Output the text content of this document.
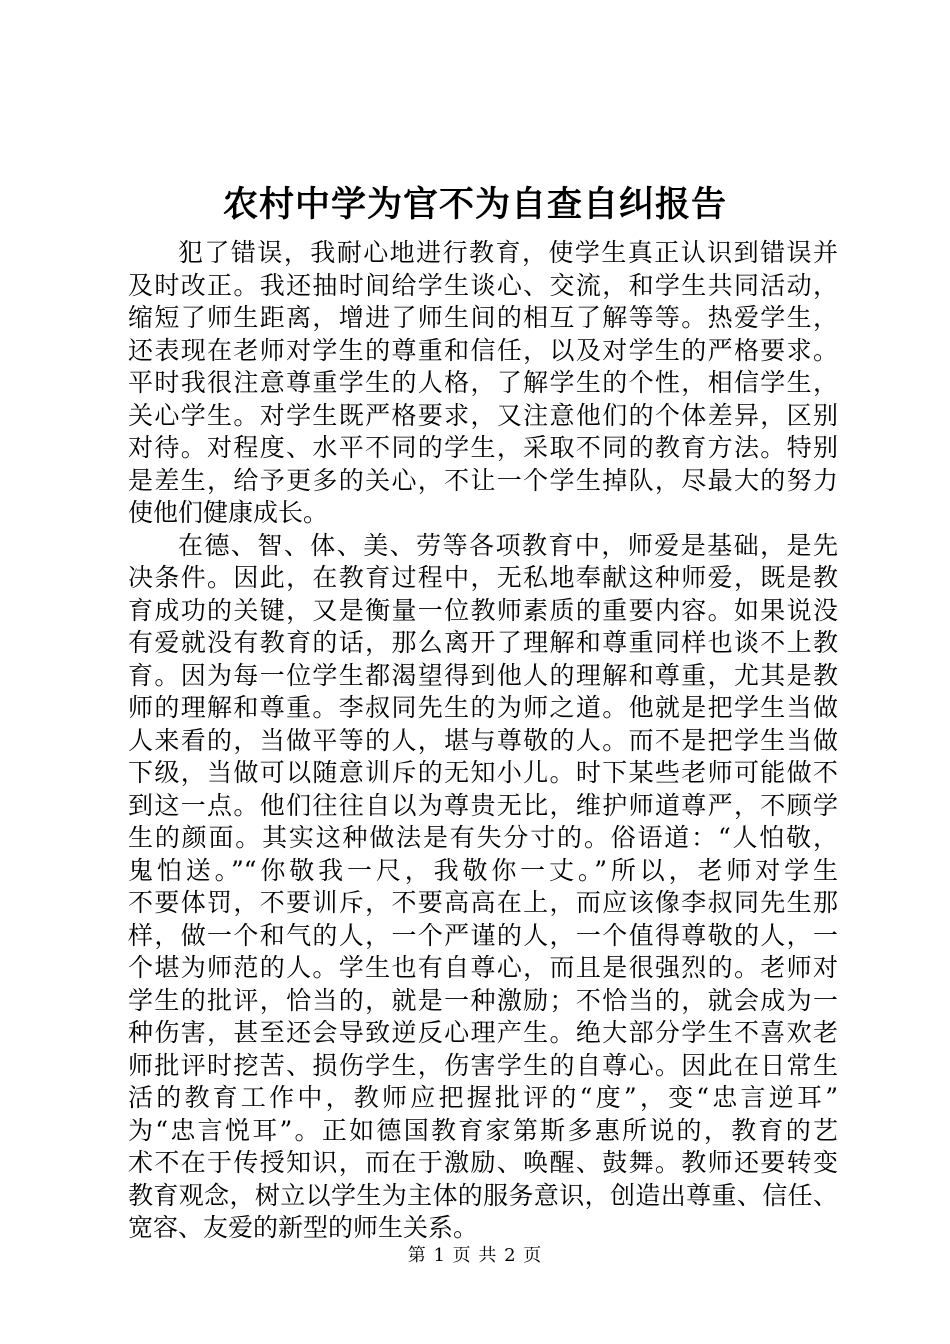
农村中学为官不为自查自纠报告
犯了错误，我耐心地进行教育，使学生真正认识到错误并
及时改正。我还抽时间给学生谈心、交流，和学生共同活动，
缩短了师生距离，增进了师生间的相互了解等等。热爱学生，
还表现在老师对学生的尊重和信任，以及对学生的严格要求。
平时我很注意尊重学生的人格，了解学生的个性，相信学生，
关心学生。对学生既严格要求，又注意他们的个体差异，区别
对待。对程度、水平不同的学生，采取不同的教育方法。特别
是差生，给予更多的关心，不让一个学生掉队，尽最大的努力
使他们健康成长。
在德、智、体、美、劳等各项教育中，师爱是基础，是先
决条件。因此，在教育过程中，无私地奉献这种师爱，既是教
育成功的关键，又是衡量一位教师素质的重要内容。如果说没
有爱就没有教育的话，那么离开了理解和尊重同样也谈不上教
育。因为每一位学生都渴望得到他人的理解和尊重，尤其是教
师的理解和尊重。李叔同先生的为师之道。他就是把学生当做
人来看的，当做平等的人，堪与尊敬的人。而不是把学生当做
下级，当做可以随意训斥的无知小儿。时下某些老师可能做不
到这一点。他们往往自以为尊贵无比，维护师道尊严，不顾学
生的颜面。其实这种做法是有失分寸的。俗语道：“人怕敬，
鬼怕送。”“你敬我一尺，我敬你一丈。”所以，老师对学生
不要体罚，不要训斥，不要高高在上，而应该像李叔同先生那
样，做一个和气的人，一个严谨的人，一个值得尊敬的人，一
个堪为师范的人。学生也有自尊心，而且是很强烈的。老师对
学生的批评，恰当的，就是一种激励；不恰当的，就会成为一
种伤害，甚至还会导致逆反心理产生。绝大部分学生不喜欢老
师批评时挖苦、损伤学生，伤害学生的自尊心。因此在日常生
活的教育工作中，教师应把握批评的“度”，变“忠言逆耳”
为“忠言悦耳”。正如德国教育家第斯多惠所说的，教育的艺
术不在于传授知识，而在于激励、唤醒、鼓舞。教师还要转变
教育观念，树立以学生为主体的服务意识，创造出尊重、信任、
宽容、友爱的新型的师生关系。
第 1 页 共 2 页
